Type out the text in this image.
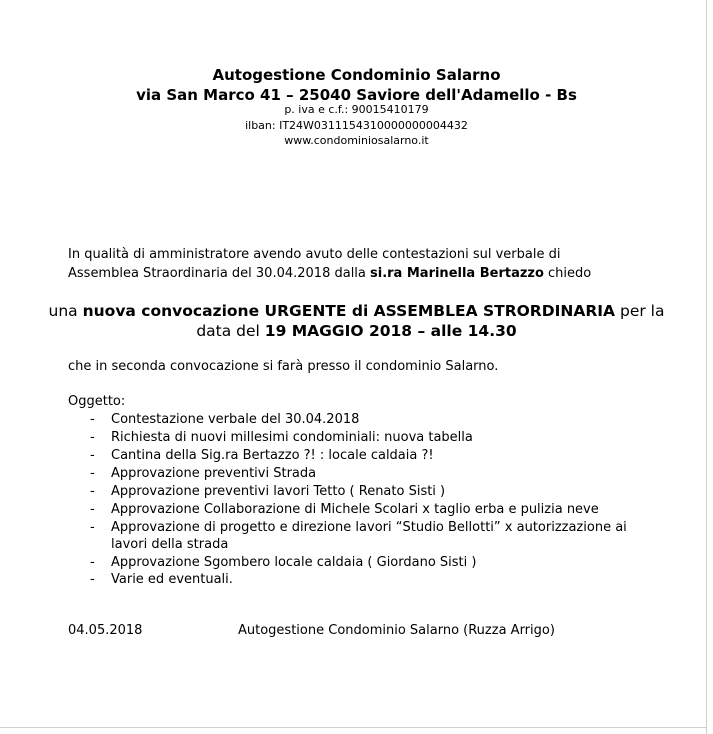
Autogestione Condominio Salarno
via San Marco 41 – 25040 Saviore dell'Adamello - Bs
p. iva e c.f.: 90015410179
ilban: IT24W0311154310000000004432
www.condominiosalarno.it
In qualità di amministratore avendo avuto delle contestazioni sul verbale di
Assemblea Straordinaria del 30.04.2018 dalla si.ra Marinella Bertazzo chiedo
una nuova convocazione URGENTE di ASSEMBLEA STRORDINARIA per la
data del 19 MAGGIO 2018 – alle 14.30
che in seconda convocazione si farà presso il condominio Salarno.
Oggetto:
- Contestazione verbale del 30.04.2018
- Richiesta di nuovi millesimi condominiali: nuova tabella
- Cantina della Sig.ra Bertazzo ?! : locale caldaia ?!
- Approvazione preventivi Strada
- Approvazione preventivi lavori Tetto ( Renato Sisti )
- Approvazione Collaborazione di Michele Scolari x taglio erba e pulizia neve
- Approvazione di progetto e direzione lavori “Studio Bellotti” x autorizzazione ai lavori della strada
- Approvazione Sgombero locale caldaia ( Giordano Sisti )
- Varie ed eventuali.
04.05.2018	Autogestione Condominio Salarno (Ruzza Arrigo)
